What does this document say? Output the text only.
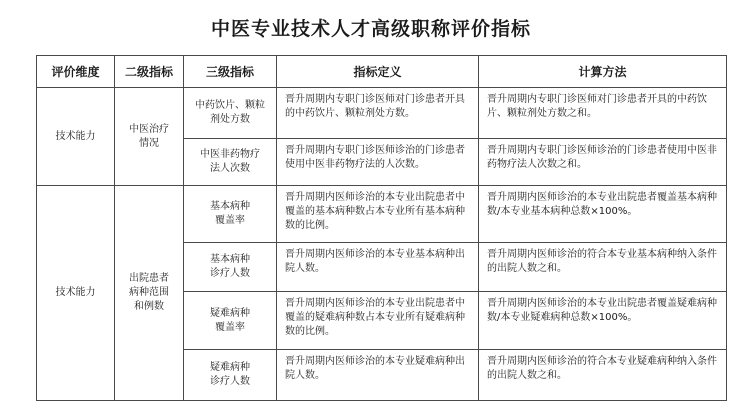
中医专业技术人才高级职称评价指标
评价维度	二级指标	三级指标	指标定义	计算方法
技术能力	中医治疗情况	中药饮片、颗粒剂处方数	晋升周期内专职门诊医师对门诊患者开具的中药饮片、颗粒剂处方数。	晋升周期内专职门诊医师对门诊患者开具的中药饮片、颗粒剂处方数之和。

		中医非药物疗法人次数	晋升周期内专职门诊医师诊治的门诊患者使用中医非药物疗法的人次数。	晋升周期内专职门诊医师诊治的门诊患者使用中医非药物疗法人次数之和。

技术能力	出院患者病种范围和例数	基本病种覆盖率	晋升周期内医师诊治的本专业出院患者中覆盖的基本病种数占本专业所有基本病种数的比例。	晋升周期内医师诊治的本专业出院患者覆盖基本病种数/本专业基本病种总数×100%。

		基本病种诊疗人数	晋升周期内医师诊治的本专业基本病种出院人数。	晋升周期内医师诊治的符合本专业基本病种纳入条件的出院人数之和。

		疑难病种覆盖率	晋升周期内医师诊治的本专业出院患者中覆盖的疑难病种数占本专业所有疑难病种数的比例。	晋升周期内医师诊治的本专业出院患者覆盖疑难病种数/本专业疑难病种总数×100%。

		疑难病种诊疗人数	晋升周期内医师诊治的本专业疑难病种出院人数。	晋升周期内医师诊治的符合本专业疑难病种纳入条件的出院人数之和。
